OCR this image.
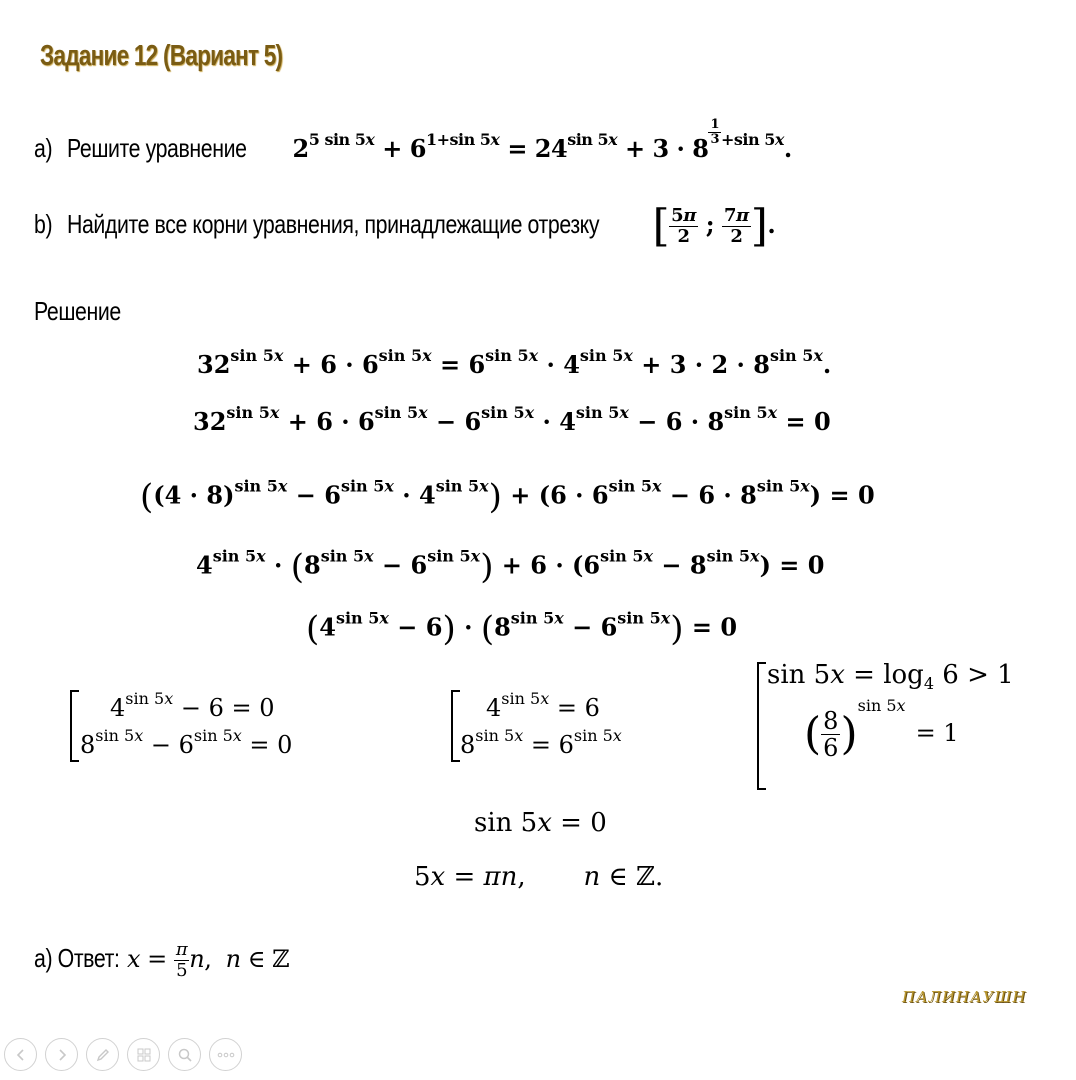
Задание 12 (Вариант 5)
a) Решите уравнение $2^{5 sin 5x} + 6^{1+sin 5x} = 24^{sin 5x} + 3 \cdot 8$
$^{\frac{1}{3} +sin 5x}$.
b) Найдите все корни уравнения, принадлежащие отрезку [ $\frac{5\pi}{2}$ ; $\frac{7\pi}{2}$ ].
Решение
$32^{sin 5x} + 6 \cdot 6^{sin 5x} = 6^{sin 5x} \cdot 4^{sin 5x} + 3 \cdot 2 \cdot 8^{sin 5x}$.
$32^{sin 5x} + 6 \cdot 6^{sin 5x} - 6^{sin 5x} \cdot 4^{sin 5x} - 6 \cdot 8^{sin 5x} = 0$
$((4 \cdot 8)^{sin 5x} - 6^{sin 5x} \cdot 4^{sin 5x}) + (6 \cdot 6^{sin 5x} - 6 \cdot 8^{sin 5x}) = 0$
$4^{sin 5x} \cdot (8^{sin 5x} - 6^{sin 5x}) + 6 \cdot (6^{sin 5x} - 8^{sin 5x}) = 0$
$(4^{sin 5x} - 6) \cdot (8^{sin 5x} - 6^{sin 5x}) = 0$
$4^{sin 5x} - 6 = 0$
$8^{sin 5x} - 6^{sin 5x} = 0$
$4^{sin 5x} = 6$
$8^{sin 5x} = 6^{sin 5x}$
$\sin 5x = \log_4 6 > 1$
( $\frac{8}{6} )^{sin 5x}= 1$
sin 5x = 0
5x = πn,       n ∈ ℤ.
a) Ответ: $x = \frac{\pi}{5} n$,  n ∈ ℤ
ПАЛИНАУШН
